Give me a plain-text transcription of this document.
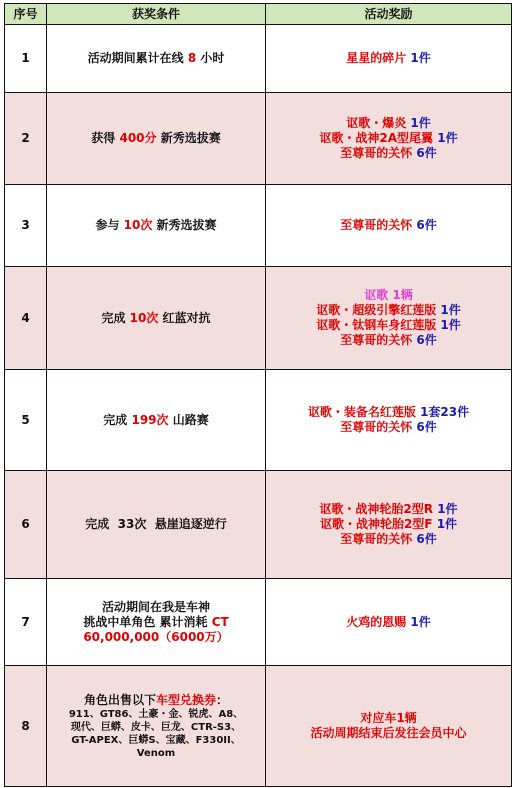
序号	获奖条件	活动奖励
1	活动期间累计在线 8 小时	星星的碎片 1件
2	获得 400分 新秀选拔赛	讴歌・爆炎 1件
讴歌・战神2A型尾翼 1件
至尊哥的关怀 6件

3	参与 10次 新秀选拔赛	至尊哥的关怀 6件
4	完成 10次 红蓝对抗	讴歌 1辆
讴歌・超级引擎红莲版 1件
讴歌・钛钢车身红莲版 1件
至尊哥的关怀 6件

5	完成 199次 山路赛	讴歌・装备名红莲版 1套23件
至尊哥的关怀 6件

6	完成  33次  悬崖追逐逆行	讴歌・战神轮胎2型R 1件
讴歌・战神轮胎2型F 1件
至尊哥的关怀 6件

7	活动期间在我是车神
挑战中单角色 累计消耗 CT
60,000,000（6000万）	火鸡的恩赐 1件
8	角色出售以下车型兑换券：
911、GT86、土豪・金、锐虎、A8、
现代、巨蟒、皮卡、巨龙、CTR-S3、
GT-APEX、巨蟒S、宝藏、F330II、
Venom	对应车1辆
活动周期结束后发往会员中心
